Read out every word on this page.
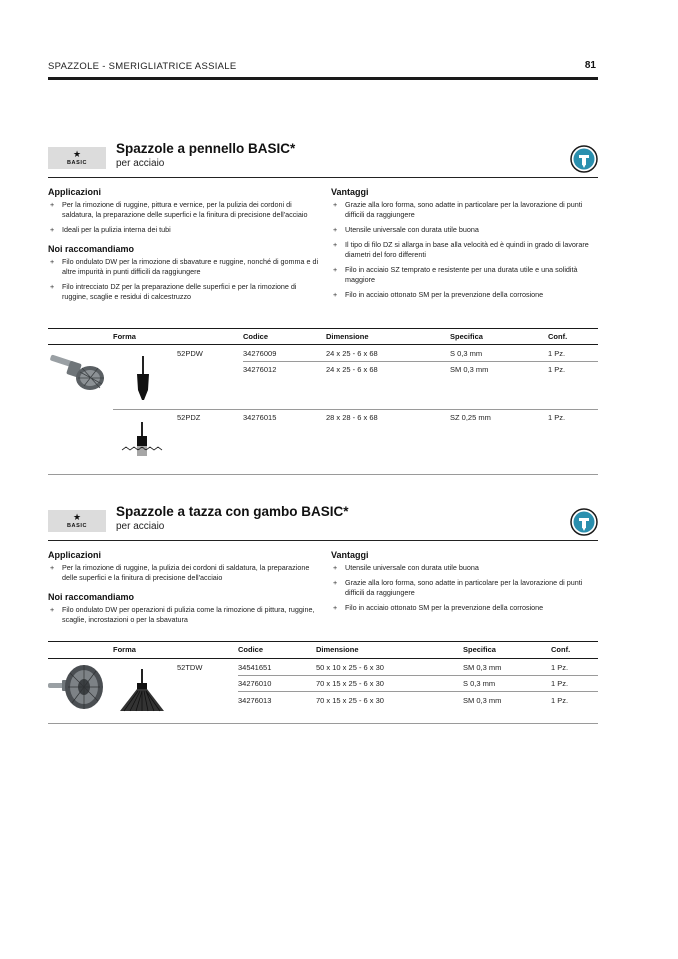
SPAZZOLE - SMERIGLIATRICE ASSIALE	81
★
BASIC
Spazzole a pennello BASIC*
per acciaio
Applicazioni
+ Per la rimozione di ruggine, pittura e vernice, per la pulizia dei cordoni di saldatura, la preparazione delle superfici e la finitura di precisione dell'acciaio
+ Ideali per la pulizia interna dei tubi
Noi raccomandiamo
+ Filo ondulato DW per la rimozione di sbavature e ruggine, nonché di gomma e di altre impurità in punti difficili da raggiungere
+ Filo intrecciato DZ per la preparazione delle superfici e per la rimozione di ruggine, scaglie e residui di calcestruzzo
Vantaggi
+ Grazie alla loro forma, sono adatte in particolare per la lavorazione di punti difficili da raggiungere
+ Utensile universale con durata utile buona
+ Il tipo di filo DZ si allarga in base alla velocità ed è quindi in grado di lavorare diametri del foro differenti
+ Filo in acciaio SZ temprato e resistente per una durata utile e una solidità maggiore
+ Filo in acciaio ottonato SM per la prevenzione della corrosione
Forma	Codice	Dimensione	Specifica	Conf.
52PDW	34276009	24 x 25 - 6 x 68	S 0,3 mm	1 Pz.
34276012	24 x 25 - 6 x 68	SM 0,3 mm	1 Pz.
52PDZ	34276015	28 x 28 - 6 x 68	SZ 0,25 mm	1 Pz.
★
BASIC
Spazzole a tazza con gambo BASIC*
per acciaio
Applicazioni
+ Per la rimozione di ruggine, la pulizia dei cordoni di saldatura, la preparazione delle superfici e la finitura di precisione dell'acciaio
Noi raccomandiamo
+ Filo ondulato DW per operazioni di pulizia come la rimozione di pittura, ruggine, scaglie, incrostazioni o per la sbavatura
Vantaggi
+ Utensile universale con durata utile buona
+ Grazie alla loro forma, sono adatte in particolare per la lavorazione di punti difficili da raggiungere
+ Filo in acciaio ottonato SM per la prevenzione della corrosione
Forma	Codice	Dimensione	Specifica	Conf.
52TDW	34541651	50 x 10 x 25 - 6 x 30	SM 0,3 mm	1 Pz.
34276010	70 x 15 x 25 - 6 x 30	S 0,3 mm	1 Pz.
34276013	70 x 15 x 25 - 6 x 30	SM 0,3 mm	1 Pz.
